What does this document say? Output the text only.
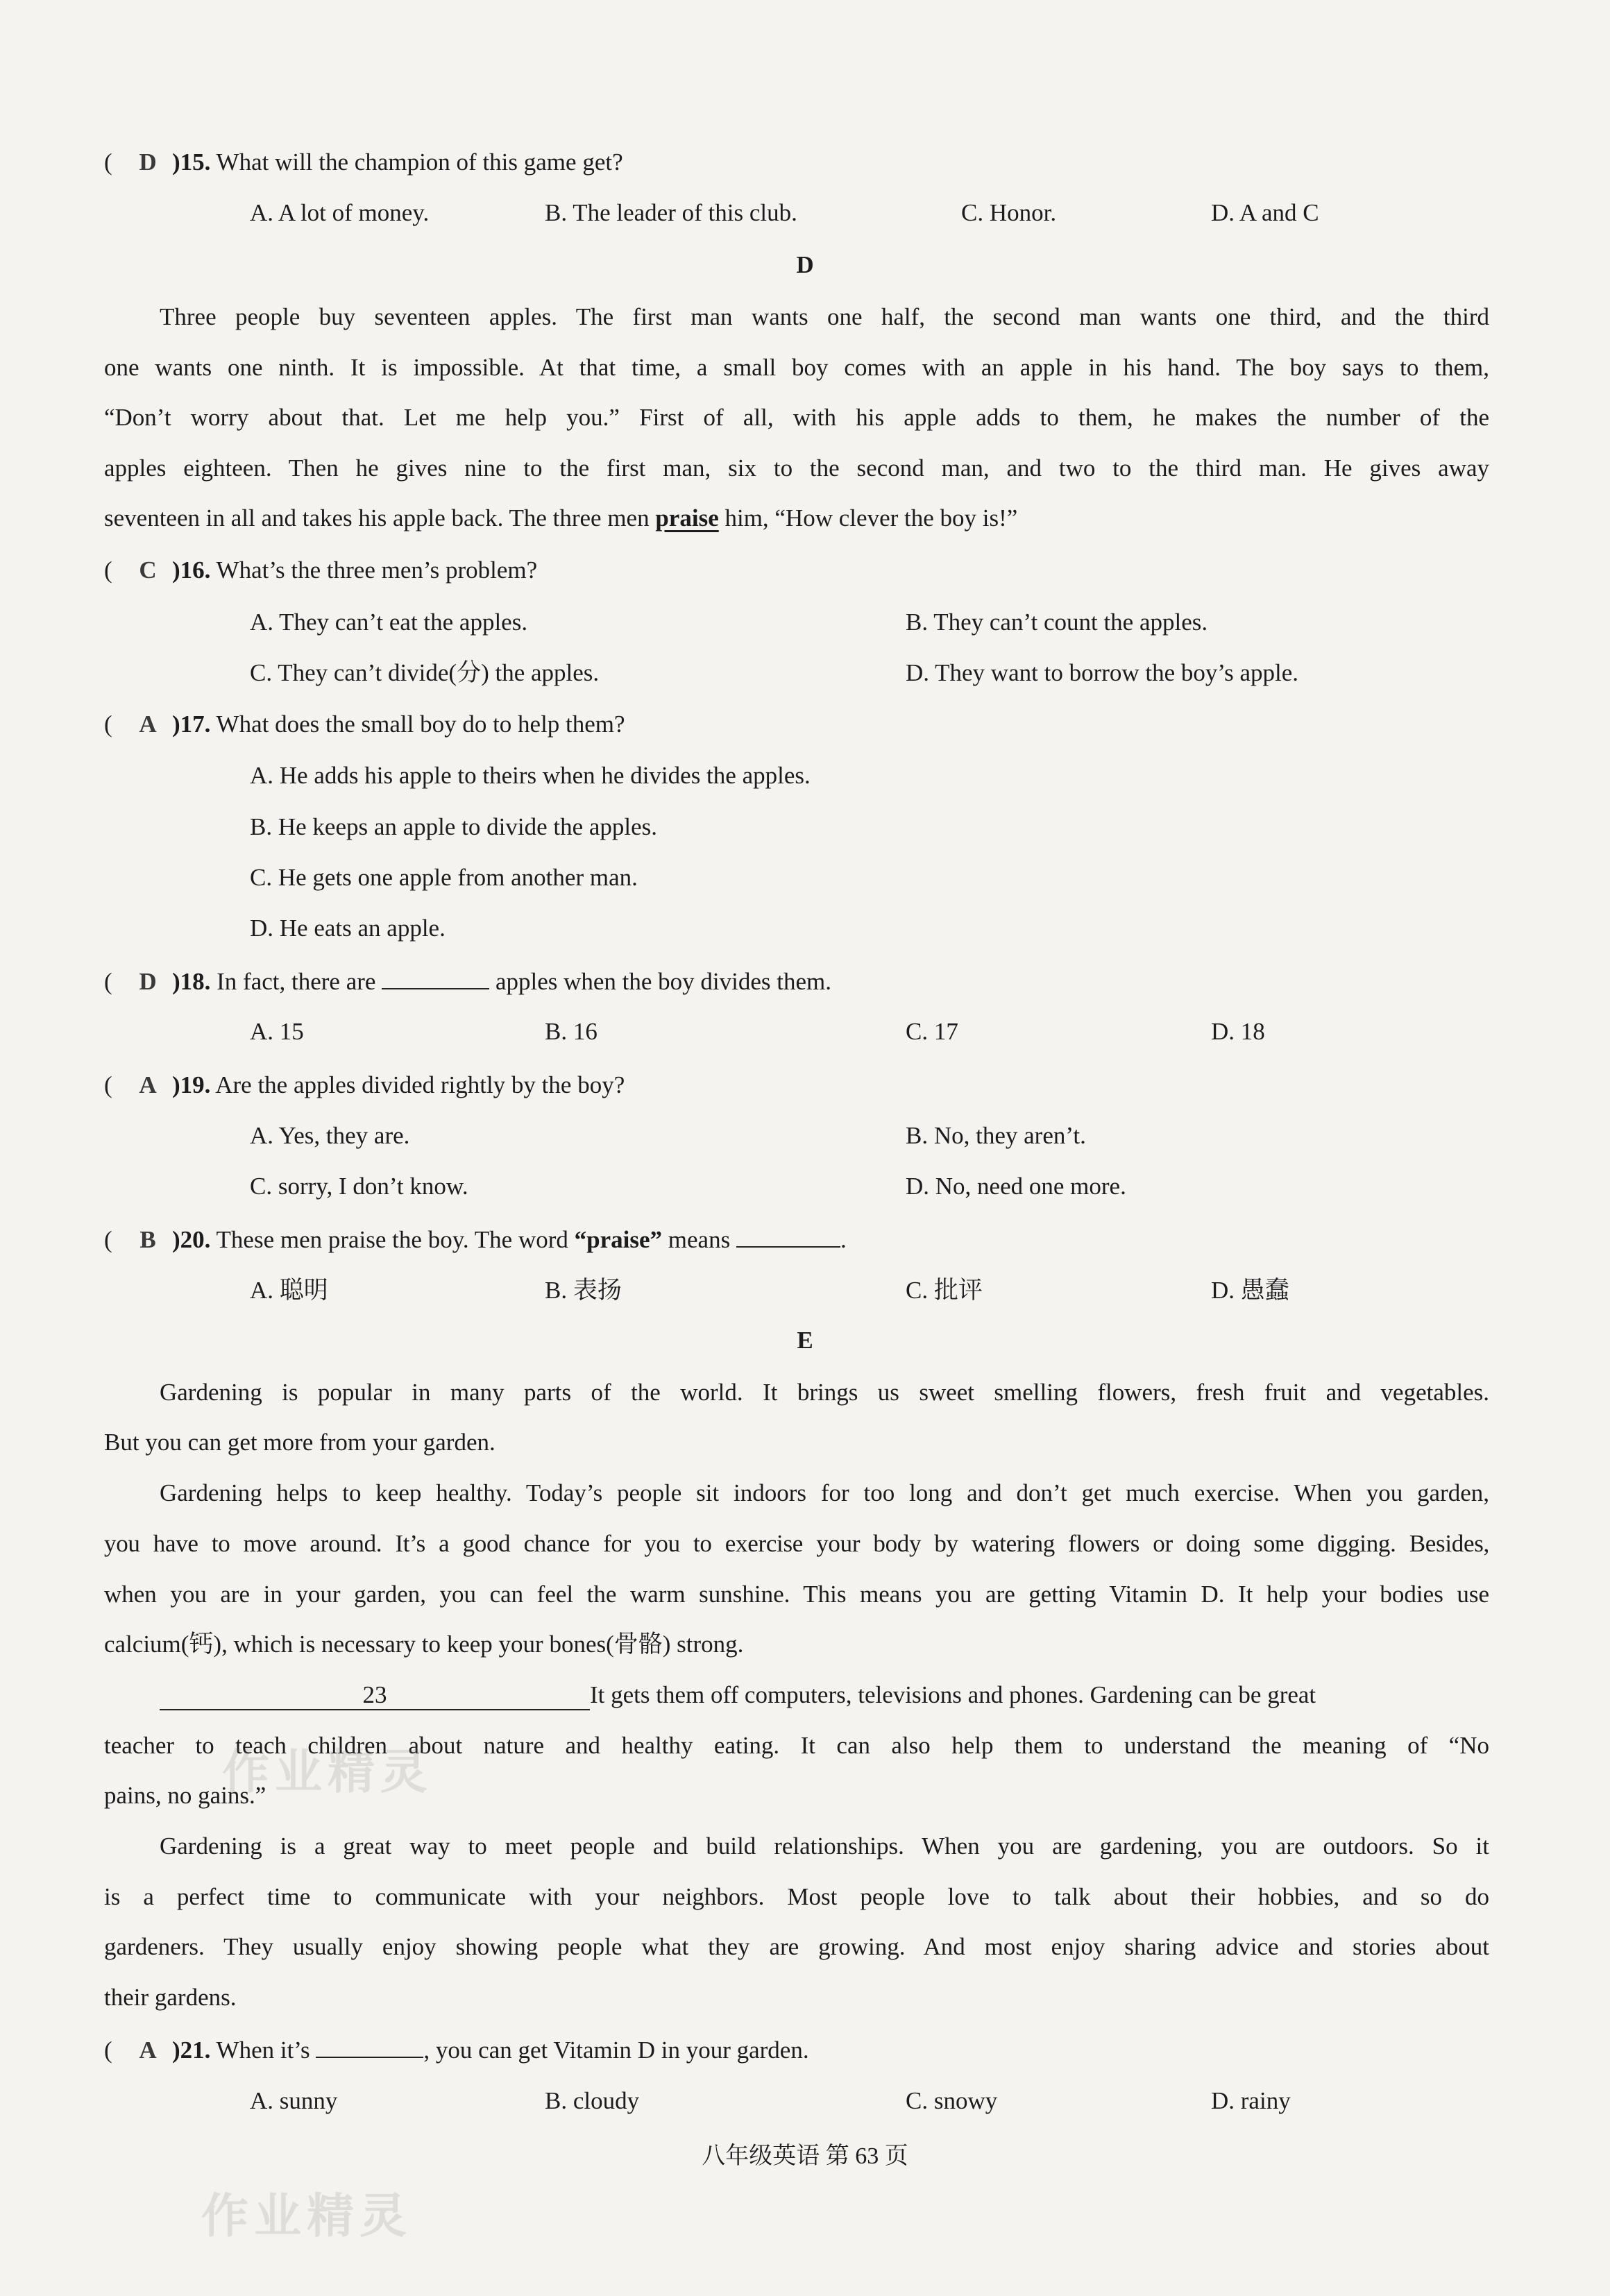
( D )15. What will the champion of this game get?
A. A lot of money.	B. The leader of this club.	C. Honor.	D. A and C
D
Three people buy seventeen apples. The first man wants one half, the second man wants one third, and the third
one wants one ninth. It is impossible. At that time, a small boy comes with an apple in his hand. The boy says to them,
“Don’t worry about that. Let me help you.” First of all, with his apple adds to them, he makes the number of the
apples eighteen. Then he gives nine to the first man, six to the second man, and two to the third man. He gives away
seventeen in all and takes his apple back. The three men praise him, “How clever the boy is!”
( C )16. What’s the three men’s problem?
A. They can’t eat the apples.	B. They can’t count the apples.
C. They can’t divide(分) the apples.	D. They want to borrow the boy’s apple.
( A )17. What does the small boy do to help them?
A. He adds his apple to theirs when he divides the apples.
B. He keeps an apple to divide the apples.
C. He gets one apple from another man.
D. He eats an apple.
( D )18. In fact, there are	apples when the boy divides them.
A. 15	B. 16	C. 17	D. 18
( A )19. Are the apples divided rightly by the boy?
A. Yes, they are.	B. No, they aren’t.
C. sorry, I don’t know.	D. No, need one more.
( B )20. These men praise the boy. The word “praise” means	.
A. 聪明	B. 表扬	C. 批评	D. 愚蠢
E
Gardening is popular in many parts of the world. It brings us sweet smelling flowers, fresh fruit and vegetables.
But you can get more from your garden.
Gardening helps to keep healthy. Today’s people sit indoors for too long and don’t get much exercise. When you garden,
you have to move around. It’s a good chance for you to exercise your body by watering flowers or doing some digging. Besides,
when you are in your garden, you can feel the warm sunshine. This means you are getting Vitamin D. It help your bodies use
calcium(钙), which is necessary to keep your bones(骨骼) strong.
23	It gets them off computers, televisions and phones. Gardening can be great
teacher to teach children about nature and healthy eating. It can also help them to understand the meaning of “No
pains, no gains.”
Gardening is a great way to meet people and build relationships. When you are gardening, you are outdoors. So it
is a perfect time to communicate with your neighbors. Most people love to talk about their hobbies, and so do
gardeners. They usually enjoy showing people what they are growing. And most enjoy sharing advice and stories about
their gardens.
( A )21. When it’s	, you can get Vitamin D in your garden.
A. sunny	B. cloudy	C. snowy	D. rainy
八年级英语 第 63 页
作业精灵
作业精灵
